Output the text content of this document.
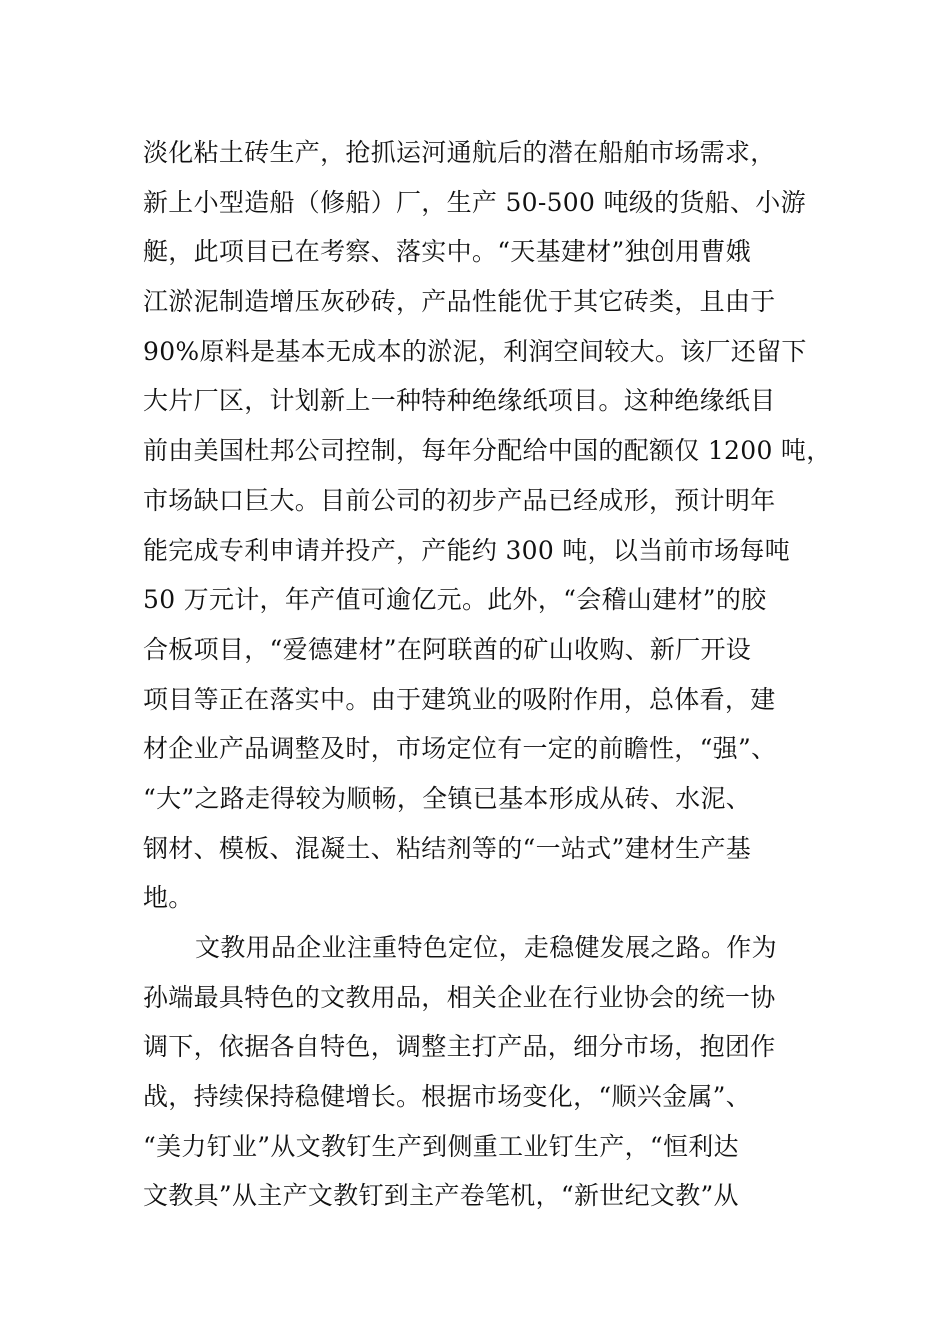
淡化粘土砖生产，抢抓运河通航后的潜在船舶市场需求，
新上小型造船（修船）厂，生产 50-500 吨级的货船、小游
艇，此项目已在考察、落实中。“天基建材”独创用曹娥
江淤泥制造增压灰砂砖，产品性能优于其它砖类，且由于
90%原料是基本无成本的淤泥，利润空间较大。该厂还留下
大片厂区，计划新上一种特种绝缘纸项目。这种绝缘纸目
前由美国杜邦公司控制，每年分配给中国的配额仅 1200 吨，
市场缺口巨大。目前公司的初步产品已经成形，预计明年
能完成专利申请并投产，产能约 300 吨，以当前市场每吨
50 万元计，年产值可逾亿元。此外，“会稽山建材”的胶
合板项目，“爱德建材”在阿联酋的矿山收购、新厂开设
项目等正在落实中。由于建筑业的吸附作用，总体看，建
材企业产品调整及时，市场定位有一定的前瞻性，“强”、
“大”之路走得较为顺畅，全镇已基本形成从砖、水泥、
钢材、模板、混凝土、粘结剂等的“一站式”建材生产基
地。
文教用品企业注重特色定位，走稳健发展之路。作为
孙端最具特色的文教用品，相关企业在行业协会的统一协
调下，依据各自特色，调整主打产品，细分市场，抱团作
战，持续保持稳健增长。根据市场变化，“顺兴金属”、
“美力钉业”从文教钉生产到侧重工业钉生产，“恒利达
文教具”从主产文教钉到主产卷笔机，“新世纪文教”从
